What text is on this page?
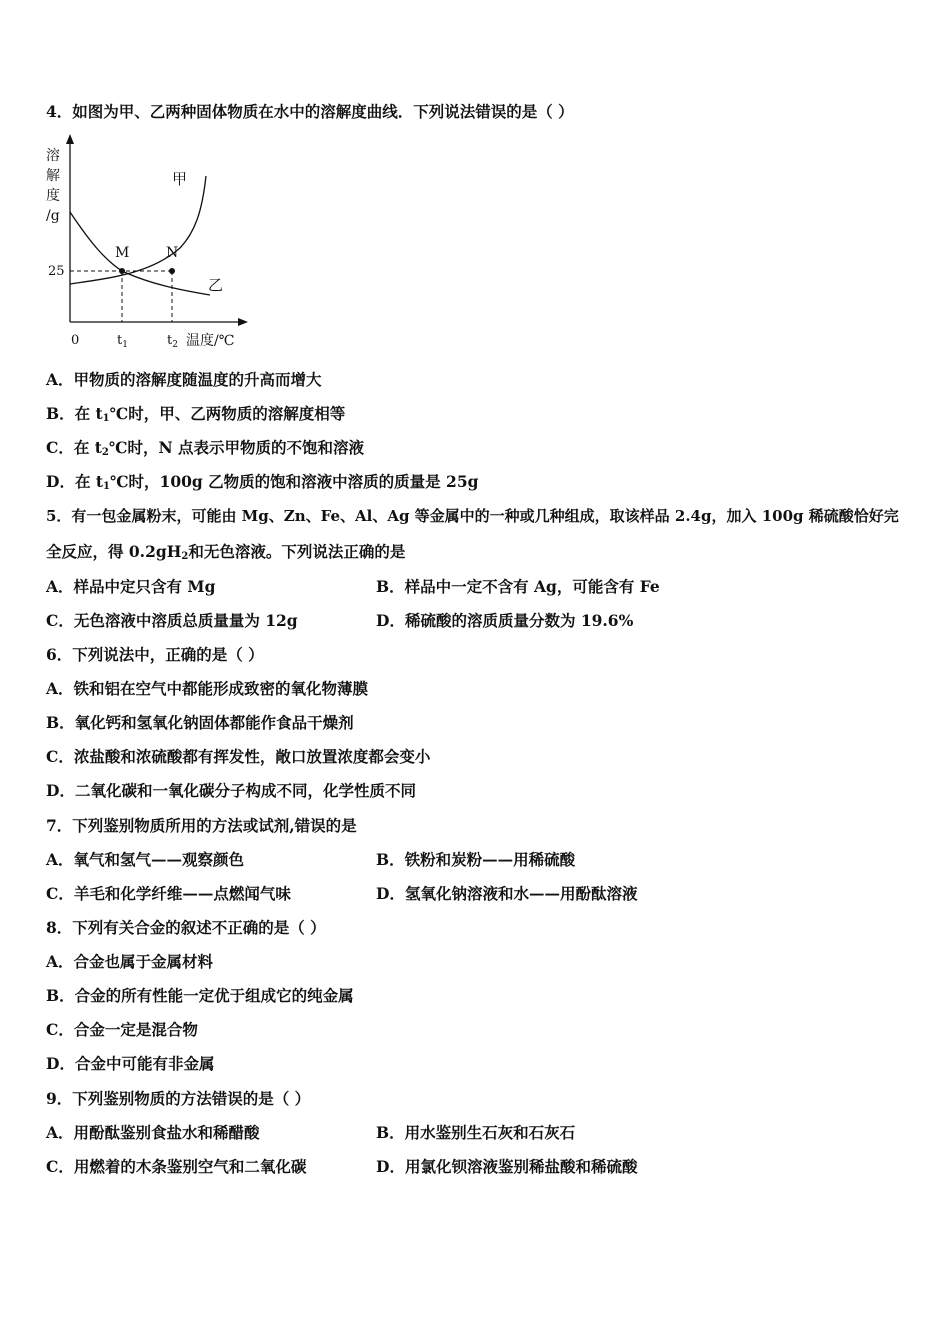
4．如图为甲、乙两种固体物质在水中的溶解度曲线．下列说法错误的是（ ）
溶
解
度
/g
M	N
甲
乙
25
0	$t_1$	$t_2$ 温度/℃
A．甲物质的溶解度随温度的升高而增大
B．在 $t_1℃$时，甲、乙两物质的溶解度相等
C．在 $t_2℃$时，N 点表示甲物质的不饱和溶液
D．在 $t_1℃$时，100g 乙物质的饱和溶液中溶质的质量是 25g
5．有一包金属粉末，可能由 Mg、Zn、Fe、Al、Ag 等金属中的一种或几种组成，取该样品 2.4g，加入 100g 稀硫酸恰好完
全反应，得 $0.2gH_2$和无色溶液。下列说法正确的是
A．样品中定只含有 Mg	B．样品中一定不含有 Ag，可能含有 Fe
C．无色溶液中溶质总质量量为 12g	D．稀硫酸的溶质质量分数为 19.6%
6．下列说法中，正确的是（ ）
A．铁和铝在空气中都能形成致密的氧化物薄膜
B．氧化钙和氢氧化钠固体都能作食品干燥剂
C．浓盐酸和浓硫酸都有挥发性，敞口放置浓度都会变小
D．二氧化碳和一氧化碳分子构成不同，化学性质不同
7．下列鉴别物质所用的方法或试剂,错误的是
A．氧气和氢气——观察颜色	B．铁粉和炭粉——用稀硫酸
C．羊毛和化学纤维——点燃闻气味	D．氢氧化钠溶液和水——用酚酞溶液
8．下列有关合金的叙述不正确的是（ ）
A．合金也属于金属材料
B．合金的所有性能一定优于组成它的纯金属
C．合金一定是混合物
D．合金中可能有非金属
9．下列鉴别物质的方法错误的是（ ）
A．用酚酞鉴别食盐水和稀醋酸	B．用水鉴别生石灰和石灰石
C．用燃着的木条鉴别空气和二氧化碳	D．用氯化钡溶液鉴别稀盐酸和稀硫酸
